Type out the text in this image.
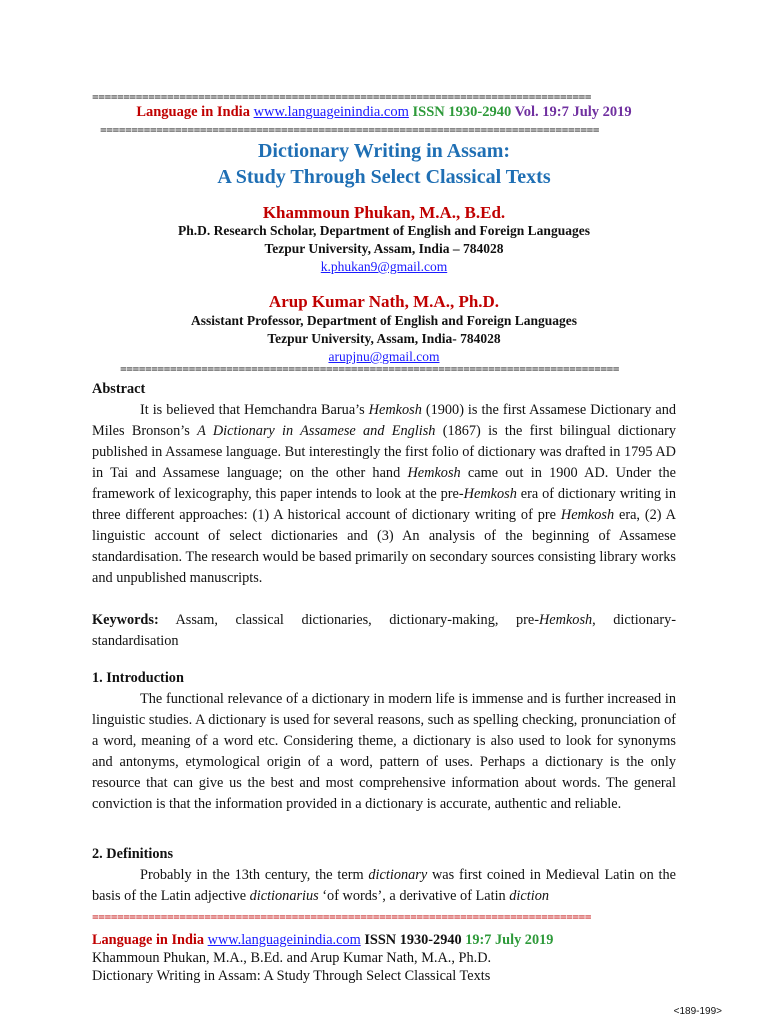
================================================================================
Language in India www.languageinindia.com ISSN 1930-2940 Vol. 19:7 July 2019
================================================================================
Dictionary Writing in Assam:
A Study Through Select Classical Texts
Khammoun Phukan, M.A., B.Ed.
Ph.D. Research Scholar, Department of English and Foreign Languages
Tezpur University, Assam, India – 784028
k.phukan9@gmail.com
Arup Kumar Nath, M.A., Ph.D.
Assistant Professor, Department of English and Foreign Languages
Tezpur University, Assam, India- 784028
arupjnu@gmail.com
================================================================================
Abstract

It is believed that Hemchandra Barua’s Hemkosh (1900) is the first Assamese Dictionary and Miles Bronson’s A Dictionary in Assamese and English (1867) is the first bilingual dictionary published in Assamese language. But interestingly the first folio of dictionary was drafted in 1795 AD in Tai and Assamese language; on the other hand Hemkosh came out in 1900 AD. Under the framework of lexicography, this paper intends to look at the pre-Hemkosh era of dictionary writing in three different approaches: (1) A historical account of dictionary writing of pre Hemkosh era, (2) A linguistic account of select dictionaries and (3) An analysis of the beginning of Assamese standardisation. The research would be based primarily on secondary sources consisting library works and unpublished manuscripts.

Keywords: Assam, classical dictionaries, dictionary-making, pre-Hemkosh, dictionary-standardisation
1. Introduction

The functional relevance of a dictionary in modern life is immense and is further increased in linguistic studies. A dictionary is used for several reasons, such as spelling checking, pronunciation of a word, meaning of a word etc. Considering theme, a dictionary is also used to look for synonyms and antonyms, etymological origin of a word, pattern of uses. Perhaps a dictionary is the only resource that can give us the best and most comprehensive information about words. The general conviction is that the information provided in a dictionary is accurate, authentic and reliable.

2. Definitions

Probably in the 13th century, the term dictionary was first coined in Medieval Latin on the basis of the Latin adjective dictionarius ‘of words’, a derivative of Latin diction

================================================================================
Language in India www.languageinindia.com ISSN 1930-2940 19:7 July 2019
Khammoun Phukan, M.A., B.Ed. and Arup Kumar Nath, M.A., Ph.D.
Dictionary Writing in Assam: A Study Through Select Classical Texts
<189-199>
